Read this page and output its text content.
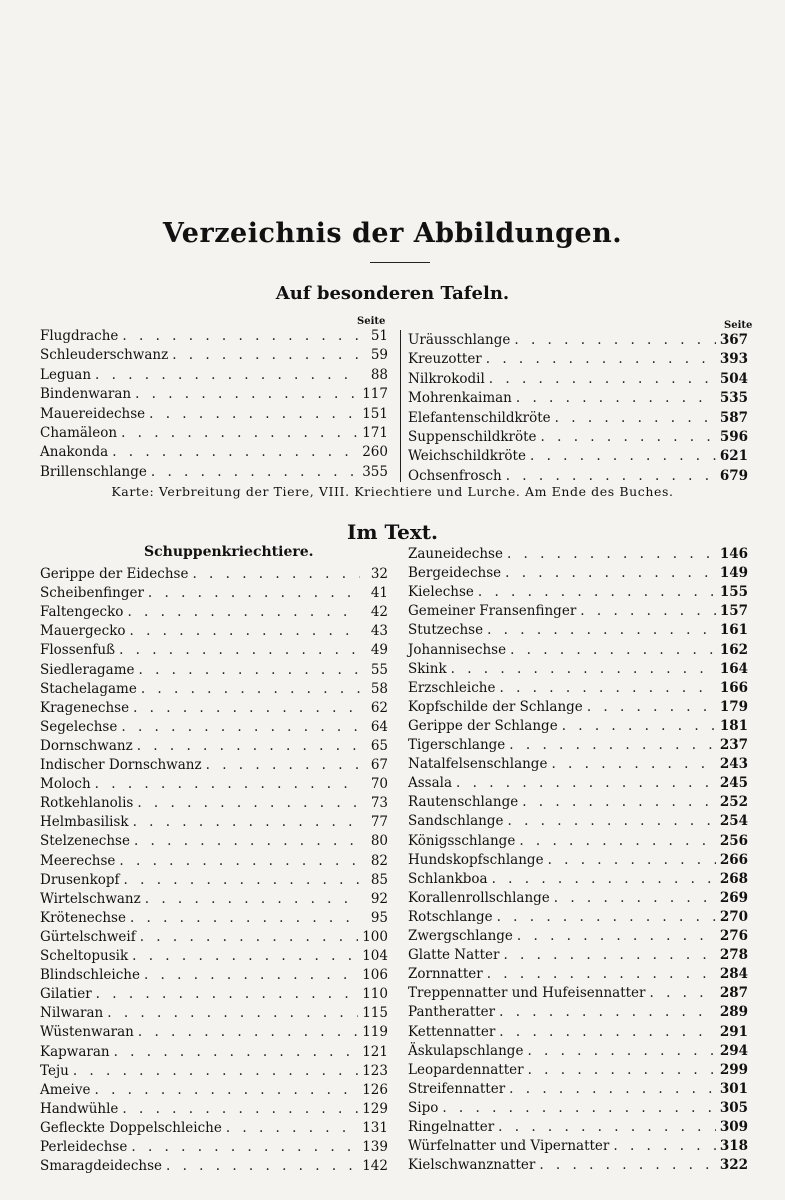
Verzeichnis der Abbildungen.
Auf besonderen Tafeln.
Seite	Seite
Flugdrache . . .	51
Schleuderschwanz . . .	59
Leguan . . .	88
Bindenwaran . . .	117
Mauereidechse . . .	151
Chamäleon . . .	171
Anakonda . . .	260
Brillenschlange . . .	355
Uräusschlange . . .	367
Kreuzotter . . .	393
Nilkrokodil . . .	504
Mohrenkaiman . . .	535
Elefantenschildkröte . . .	587
Suppenschildkröte . . .	596
Weichschildkröte . . .	621
Ochsenfrosch . . .	679
Karte: Verbreitung der Tiere, VIII. Kriechtiere und Lurche. Am Ende des Buches.
Im Text.
Schuppenkriechtiere.
Gerippe der Eidechse . . .	32
Scheibenfinger . . .	41
Faltengecko . . .	42
Mauergecko . . .	43
Flossenfuß . . .	49
Siedleragame . . .	55
Stachelagame . . .	58
Kragenechse . . .	62
Segelechse . . .	64
Dornschwanz . . .	65
Indischer Dornschwanz . . .	67
Moloch . . .	70
Rotkehlanolis . . .	73
Helmbasilisk . . .	77
Stelzenechse . . .	80
Meerechse . . .	82
Drusenkopf . . .	85
Wirtelschwanz . . .	92
Krötenechse . . .	95
Gürtelschweif . . .	100
Scheltopusik . . .	104
Blindschleiche . . .	106
Gilatier . . .	110
Nilwaran . . .	115
Wüstenwaran . . .	119
Kapwaran . . .	121
Teju . . .	123
Ameive . . .	126
Handwühle . . .	129
Gefleckte Doppelschleiche . . .	131
Perleidechse . . .	139
Smaragdeidechse . . .	142
Zauneidechse . . .	146
Bergeidechse . . .	149
Kielechse . . .	155
Gemeiner Fransenfinger . . .	157
Stutzechse . . .	161
Johannisechse . . .	162
Skink . . .	164
Erzschleiche . . .	166
Kopfschilde der Schlange . . .	179
Gerippe der Schlange . . .	181
Tigerschlange . . .	237
Natalfelsenschlange . . .	243
Assala . . .	245
Rautenschlange . . .	252
Sandschlange . . .	254
Königsschlange . . .	256
Hundskopfschlange . . .	266
Schlankboa . . .	268
Korallenrollschlange . . .	269
Rotschlange . . .	270
Zwergschlange . . .	276
Glatte Natter . . .	278
Zornnatter . . .	284
Treppennatter und Hufeisennatter . . .	287
Pantheratter . . .	289
Kettennatter . . .	291
Äskulapschlange . . .	294
Leopardennatter . . .	299
Streifennatter . . .	301
Sipo . . .	305
Ringelnatter . . .	309
Würfelnatter und Vipernatter . . .	318
Kielschwanznatter . . .	322
